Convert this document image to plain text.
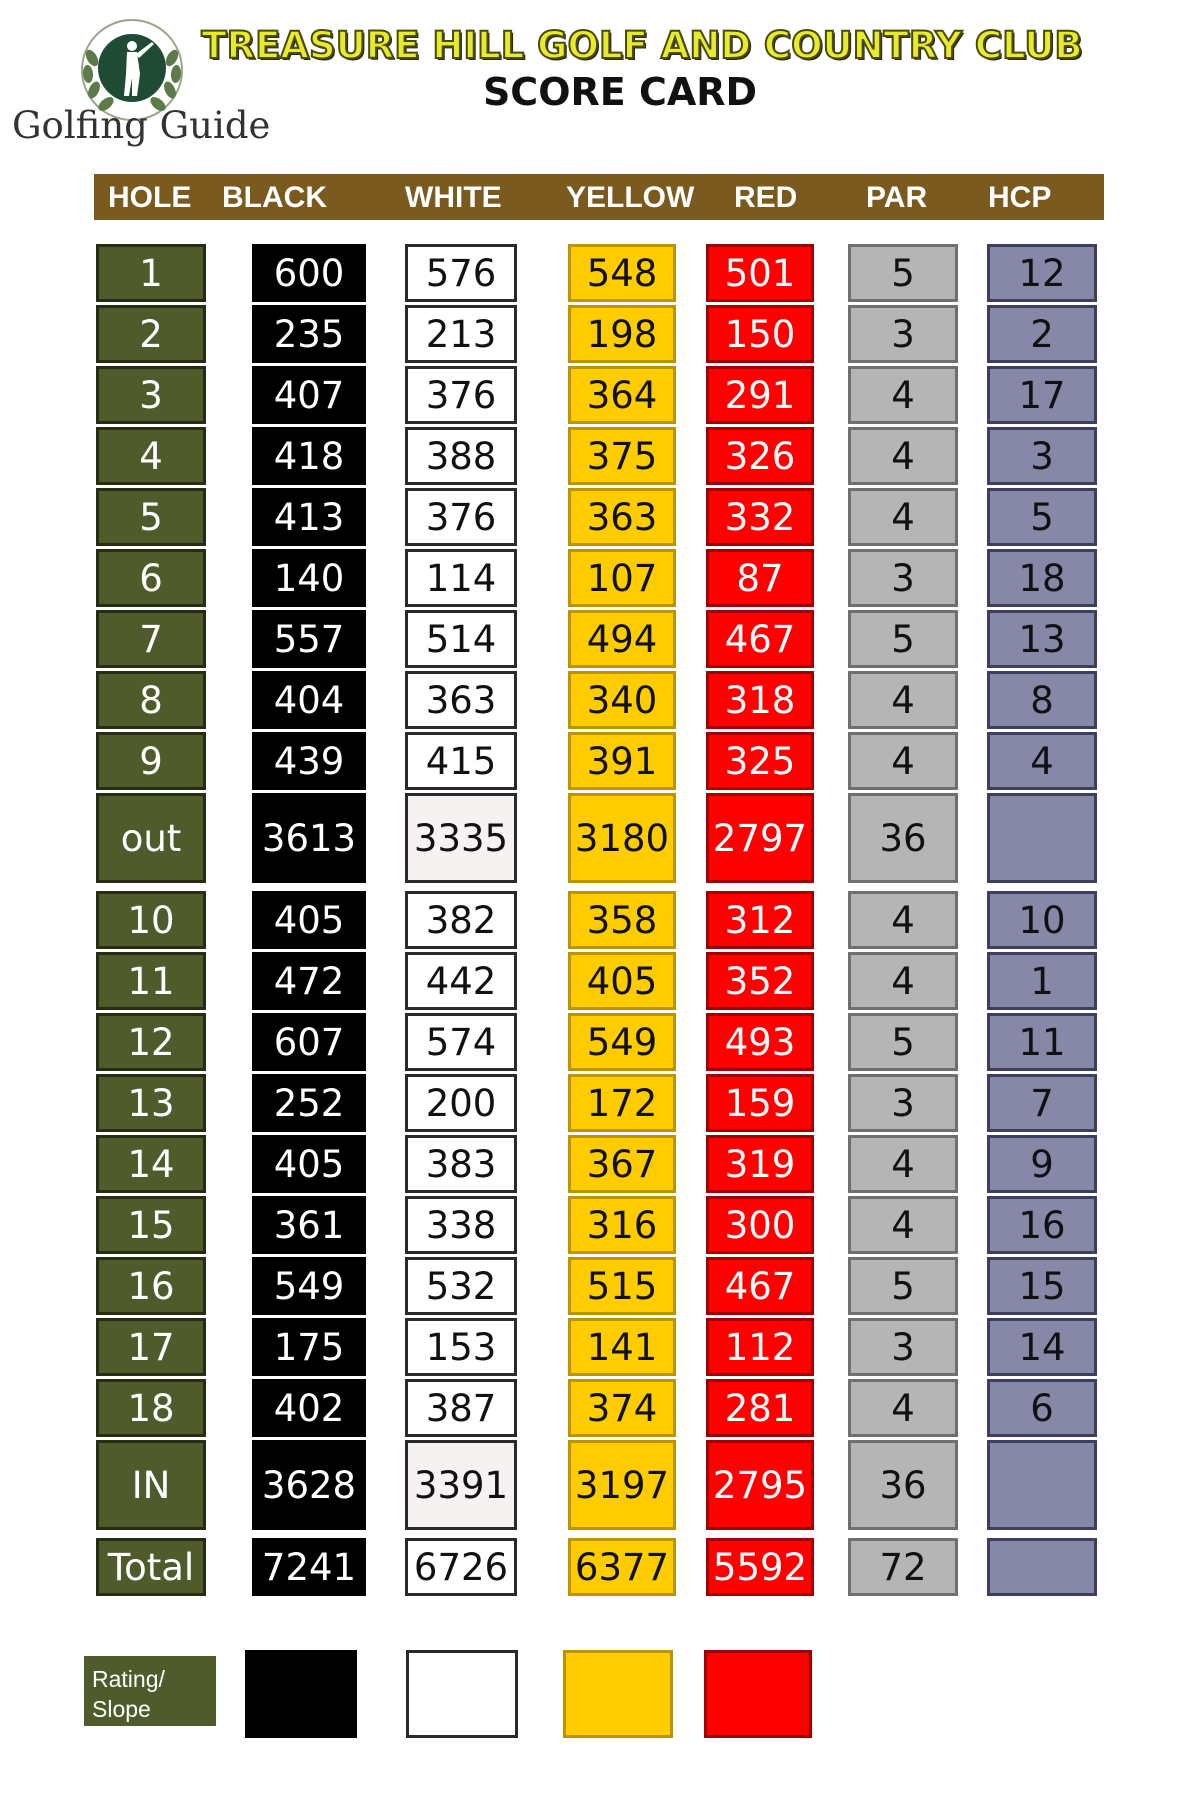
Golfing Guide
TREASURE HILL GOLF AND COUNTRY CLUB
SCORE CARD
HOLE BLACK	WHITE YELLOW RED PAR HCP
1	600	576	548	501	5	12
2	235	213	198	150	3	2
3	407	376	364	291	4	17
4	418	388	375	326	4	3
5	413	376	363	332	4	5
6	140	114	107	87	3	18
7	557	514	494	467	5	13
8	404	363	340	318	4	8
9	439	415	391	325	4	4
out	3613 3335 3180 2797	36
10	405	382	358	312	4	10
11	472	442	405	352	4	1
12	607	574	549	493	5	11
13	252	200	172	159	3	7
14	405	383	367	319	4	9
15	361	338	316	300	4	16
16	549	532	515	467	5	15
17	175	153	141	112	3	14
18	402	387	374	281	4	6
IN	3628 3391 3197 2795	36
Total	7241 6726 6377 5592	72
Rating/ Slope
